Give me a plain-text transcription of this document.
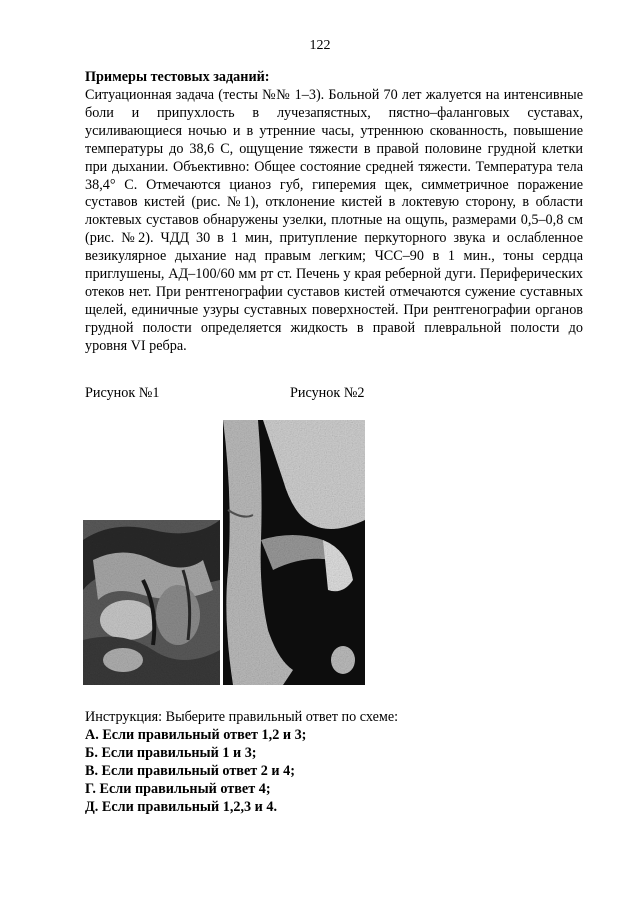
122
Примеры тестовых заданий:
Ситуационная задача (тесты №№ 1–3). Больной 70 лет жалуется на интенсивные боли и припухлость в лучезапястных, пястно–фаланговых суставах, усиливающиеся ночью и в утренние часы, утреннюю скованность, повышение температуры до 38,6 С, ощущение тяжести в правой половине грудной клетки при дыхании. Объективно: Общее состояние средней тяжести. Температура тела 38,4° С. Отмечаются цианоз губ, гиперемия щек, симметричное поражение суставов кистей (рис. №1), отклонение кистей в локтевую сторону, в области локтевых суставов обнаружены узелки, плотные на ощупь, размерами 0,5–0,8 см (рис. №2). ЧДД 30 в 1 мин, притупление перкуторного звука и ослабленное везикулярное дыхание над правым легким; ЧСС–90 в 1 мин., тоны сердца приглушены, АД–100/60 мм рт ст. Печень у края реберной дуги. Периферических отеков нет. При рентгенографии суставов кистей отмечаются сужение суставных щелей, единичные узуры суставных поверхностей. При рентгенографии органов грудной полости определяется жидкость в правой плевральной полости до уровня VI ребра.
Рисунок №1	Рисунок №2
Инструкция: Выберите правильный ответ по схеме:
А. Если правильный ответ 1,2 и 3;
Б. Если правильный 1 и 3;
В. Если правильный ответ 2 и 4;
Г. Если правильный ответ 4;
Д. Если правильный 1,2,3 и 4.
